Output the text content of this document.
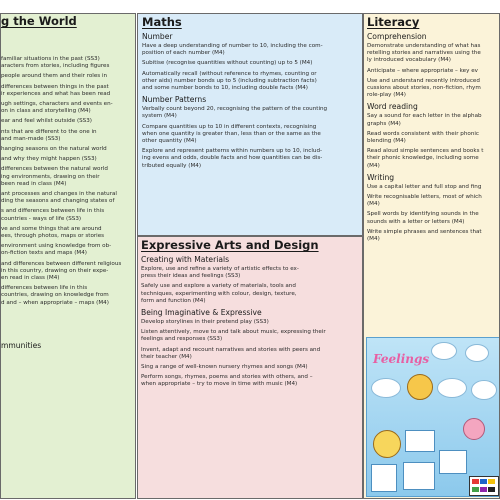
g the World
familiar situations in the past (SS3)
aracters from stories, including figures
people around them and their roles in
differences between things in the past
ir experiences and what has been read
ugh settings, characters and events en-
on in class and storytelling (M4)
ear and feel whilst outside (SS3)
nts that are different to the one in
and man-made (SS3)
hanging seasons on the natural world
and why they might happen (SS3)
differences between the natural world
ing environments, drawing on their
been read in class (M4)
ant processes and changes in the natural
ding the seasons and changing states of
s and differences between life in this
countries - ways of life (SS3)
ve and some things that are around
ees, through photos, maps or stories
environment using knowledge from ob-
on-fiction texts and maps (M4)
and differences between different religious
in this country, drawing on their expe-
en read in class (M4)
differences between life in this
countries, drawing on knowledge from
d and – when appropriate – maps (M4)
mmunities
Maths
Number
Have a deep understanding of number to 10, including the com-
position of each number (M4)
Subitise (recognise quantities without counting) up to 5 (M4)
Automatically recall (without reference to rhymes, counting or
other aids) number bonds up to 5 (including subtraction facts)
and some number bonds to 10, including double facts (M4)
Number Patterns
Verbally count beyond 20, recognising the pattern of the counting
system (M4)
Compare quantities up to 10 in different contexts, recognising
when one quantity is greater than, less than or the same as the
other quantity (M4)
Explore and represent patterns within numbers up to 10, includ-
ing evens and odds, double facts and how quantities can be dis-
tributed equally (M4)
Expressive Arts and Design
Creating with Materials
Explore, use and refine a variety of artistic effects to ex-
press their ideas and feelings (SS3)
Safely use and explore a variety of materials, tools and
techniques, experimenting with colour, design, texture,
form and function (M4)
Being Imaginative & Expressive
Develop storylines in their pretend play (SS3)
Listen attentively, move to and talk about music, expressing their
feelings and responses (SS3)
Invent, adapt and recount narratives and stories with peers and
their teacher (M4)
Sing a range of well-known nursery rhymes and songs (M4)
Perform songs, rhymes, poems and stories with others, and –
when appropriate – try to move in time with music (M4)
Literacy
Comprehension
Demonstrate understanding of what has
retelling stories and narratives using the
ly introduced vocabulary (M4)
Anticipate – where appropriate – key ev
Use and understand recently introduced
cussions about stories, non-fiction, rhym
role-play (M4)
Word reading
Say a sound for each letter in the alphab
graphs (M4)
Read words consistent with their phonic
blending (M4)
Read aloud simple sentences and books t
their phonic knowledge, including some
(M4)
Writing
Use a capital letter and full stop and fing
Write recognisable letters, most of which
(M4)
Spell words by identifying sounds in the
sounds with a letter or letters (M4)
Write simple phrases and sentences that
(M4)
Feelings
